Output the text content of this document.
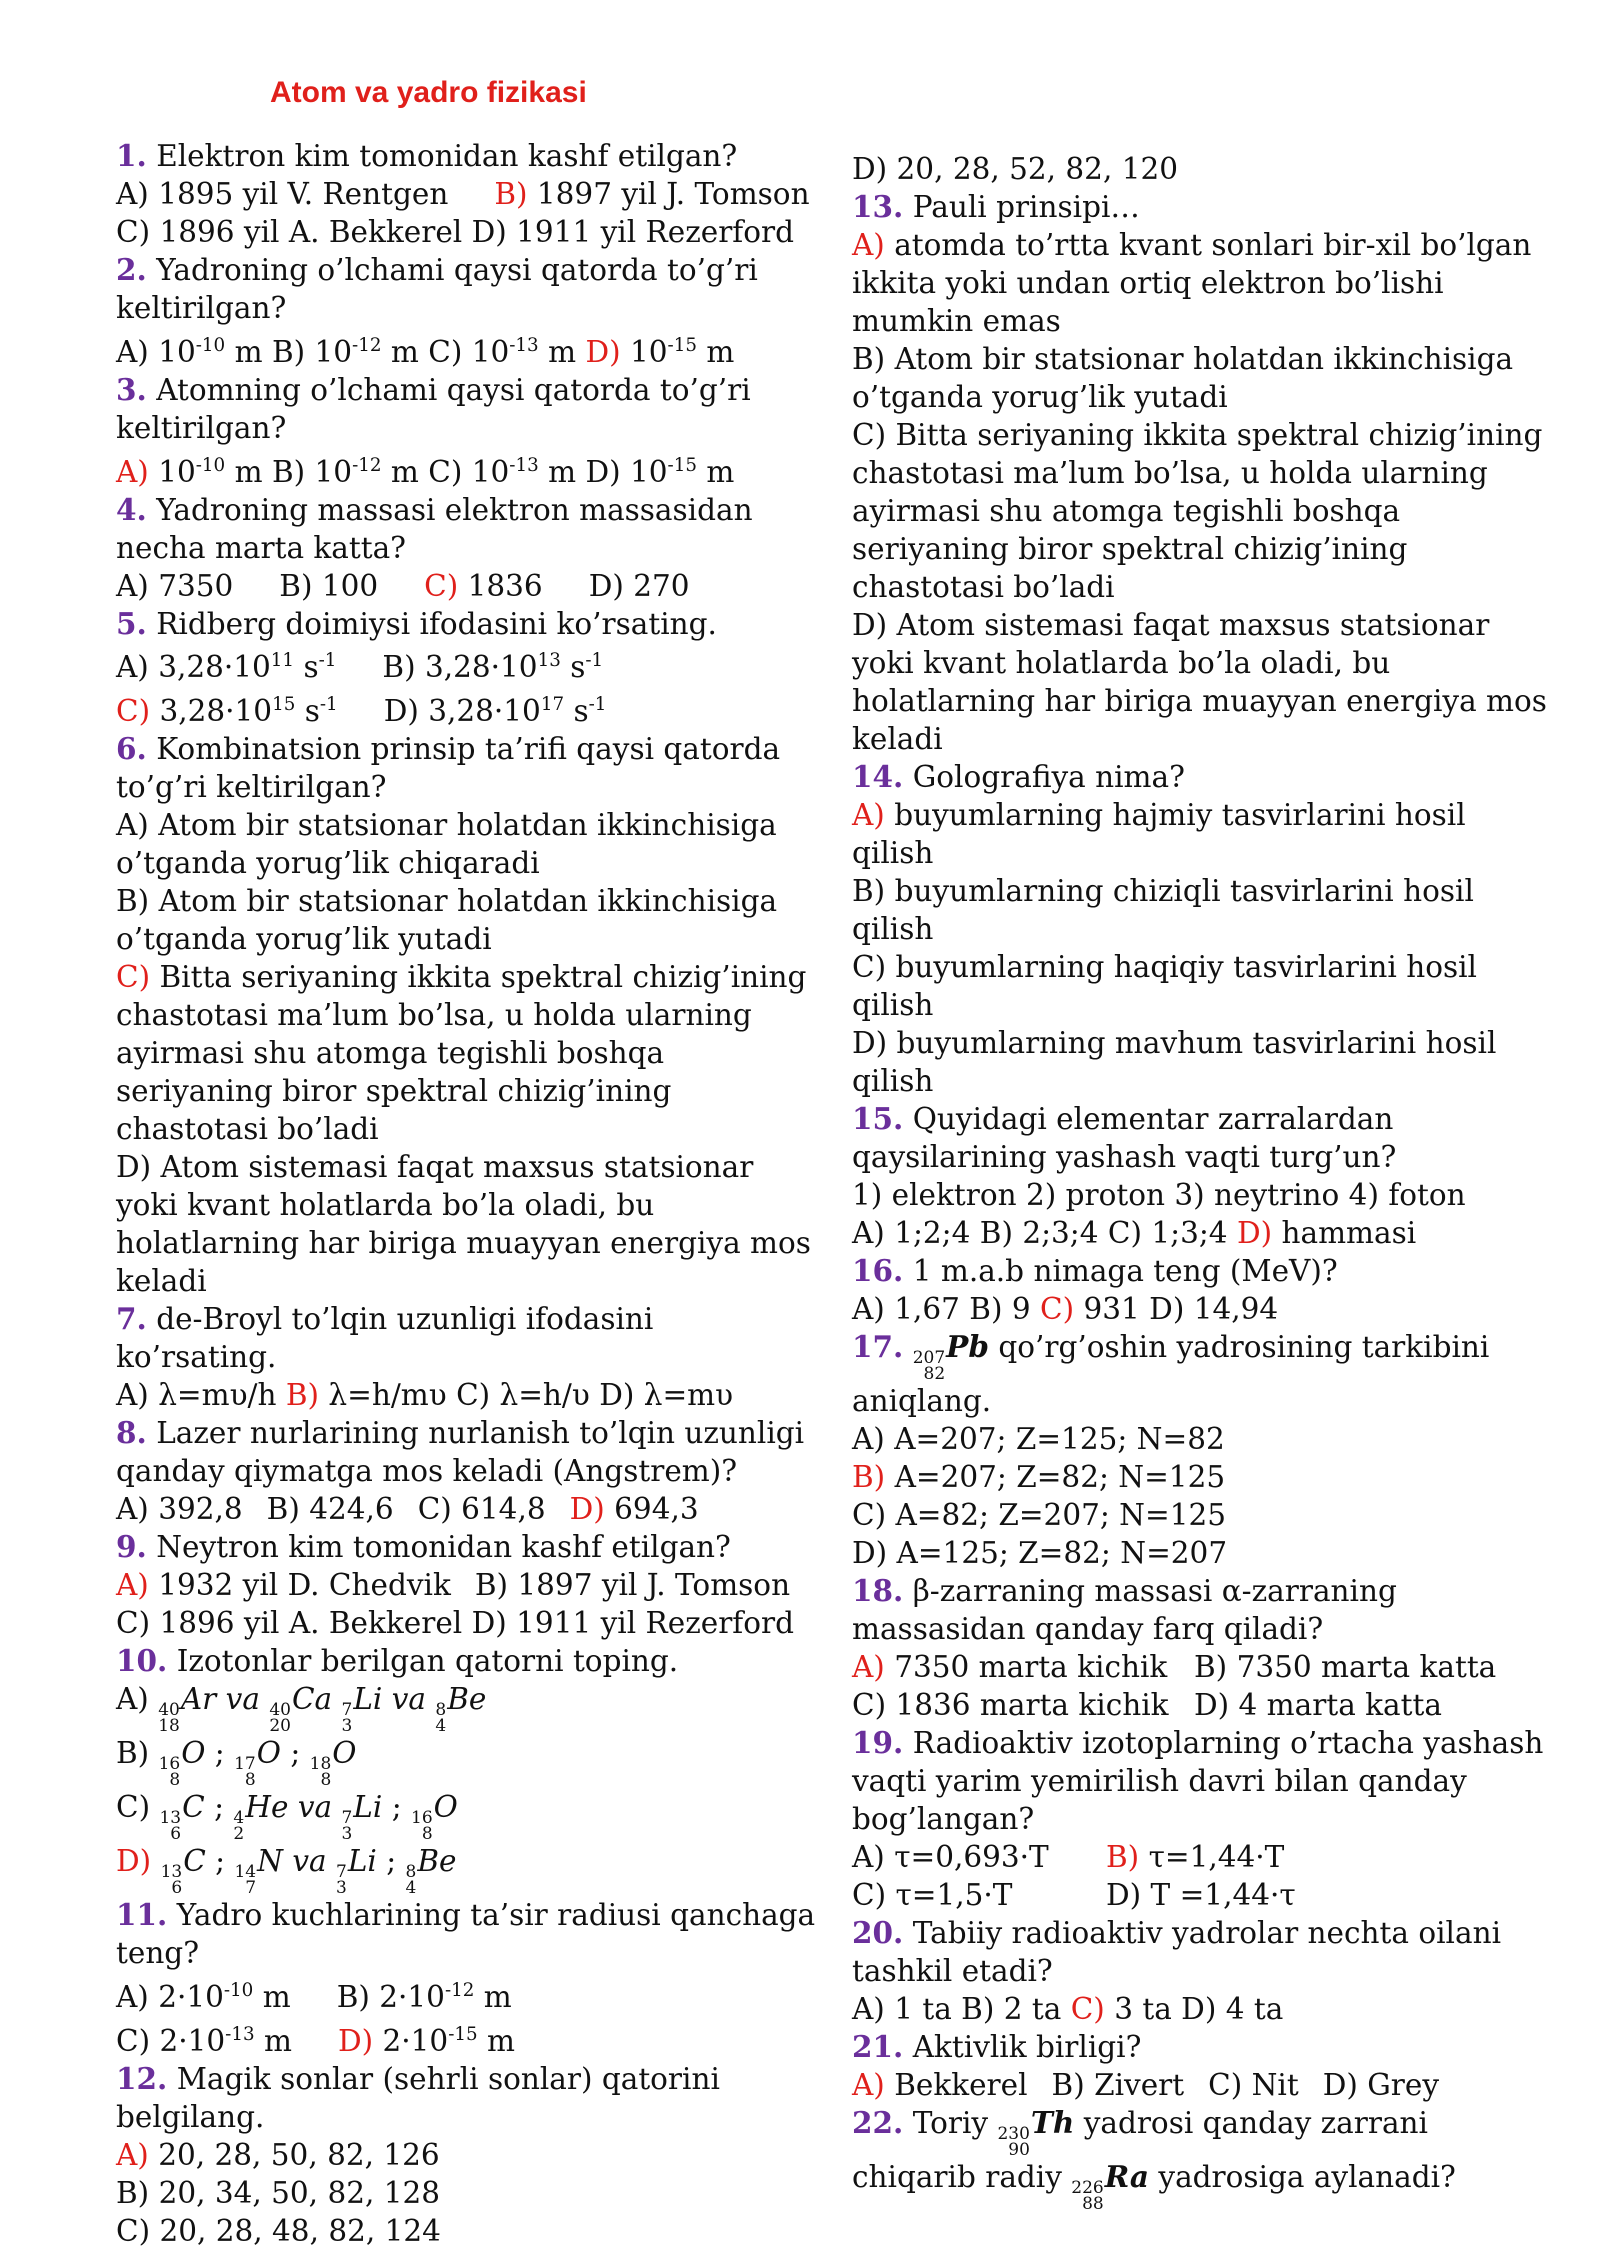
Atom va yadro fizikasi
1. Elektron kim tomonidan kashf etilgan?
A) 1895 yil V. Rentgen B) 1897 yil J. Tomson
C) 1896 yil A. Bekkerel D) 1911 yil Rezerford
2. Yadroning o’lchami qaysi qatorda to’g’ri
keltirilgan?
A) $10^{-10}$ m B) $10^{-12}$ m C) $10^{-13}$ m D) $10^{-15}$ m
3. Atomning o’lchami qaysi qatorda to’g’ri
keltirilgan?
A) $10^{-10}$ m B) $10^{-12}$ m C) $10^{-13}$ m D) $10^{-15}$ m
4. Yadroning massasi elektron massasidan
necha marta katta?
A) 7350 B) 100 C) 1836 D) 270
5. Ridberg doimiysi ifodasini ko’rsating.
A) $3,28\cdot 10^{11}$ $s^{-1}$ B) $3,28\cdot 10^{13}$ $s^{-1}$
C) $3,28\cdot 10^{15}$ $s^{-1}$ D) $3,28\cdot 10^{17}$ $s^{-1}$
6. Kombinatsion prinsip ta’rifi qaysi qatorda
to’g’ri keltirilgan?
A) Atom bir statsionar holatdan ikkinchisiga
o’tganda yorug’lik chiqaradi
B) Atom bir statsionar holatdan ikkinchisiga
o’tganda yorug’lik yutadi
C) Bitta seriyaning ikkita spektral chizig’ining
chastotasi ma’lum bo’lsa, u holda ularning
ayirmasi shu atomga tegishli boshqa
seriyaning biror spektral chizig’ining
chastotasi bo’ladi
D) Atom sistemasi faqat maxsus statsionar
yoki kvant holatlarda bo’la oladi, bu
holatlarning har biriga muayyan energiya mos
keladi
7. de-Broyl to’lqin uzunligi ifodasini
ko’rsating.
A) λ=mυ/h B) λ=h/mυ C) λ=h/υ D) λ=mυ
8. Lazer nurlarining nurlanish to’lqin uzunligi
qanday qiymatga mos keladi (Angstrem)?
A) 392,8 B) 424,6 C) 614,8 D) 694,3
9. Neytron kim tomonidan kashf etilgan?
A) 1932 yil D. Chedvik B) 1897 yil J. Tomson
C) 1896 yil A. Bekkerel D) 1911 yil Rezerford
10. Izotonlar berilgan qatorni toping.
A) 40
18
Ar va 40
20
Ca 7
3
Li va 8
4
Be
B) 16
8
O ; 17
8
O ; 18
8
O
C) 13
6
C ; 4
2
He va 7
3
Li ; 16
8
O
D) 13
6
C ; 14
7
N va 7
3
Li ; 8
4
Be
11. Yadro kuchlarining ta’sir radiusi qanchaga
teng?
A) $2\cdot 10^{-10}$ m B) $2\cdot 10^{-12}$ m
C) $2\cdot 10^{-13}$ m D) $2\cdot 10^{-15}$ m
12. Magik sonlar (sehrli sonlar) qatorini
belgilang.
A) 20, 28, 50, 82, 126
B) 20, 34, 50, 82, 128
C) 20, 28, 48, 82, 124
D) 20, 28, 52, 82, 120
13. Pauli prinsipi…
A) atomda to’rtta kvant sonlari bir-xil bo’lgan
ikkita yoki undan ortiq elektron bo’lishi
mumkin emas
B) Atom bir statsionar holatdan ikkinchisiga
o’tganda yorug’lik yutadi
C) Bitta seriyaning ikkita spektral chizig’ining
chastotasi ma’lum bo’lsa, u holda ularning
ayirmasi shu atomga tegishli boshqa
seriyaning biror spektral chizig’ining
chastotasi bo’ladi
D) Atom sistemasi faqat maxsus statsionar
yoki kvant holatlarda bo’la oladi, bu
holatlarning har biriga muayyan energiya mos
keladi
14. Golografiya nima?
A) buyumlarning hajmiy tasvirlarini hosil
qilish
B) buyumlarning chiziqli tasvirlarini hosil
qilish
C) buyumlarning haqiqiy tasvirlarini hosil
qilish
D) buyumlarning mavhum tasvirlarini hosil
qilish
15. Quyidagi elementar zarralardan
qaysilarining yashash vaqti turg’un?
1) elektron 2) proton 3) neytrino 4) foton
A) 1;2;4 B) 2;3;4 C) 1;3;4 D) hammasi
16. 1 m.a.b nimaga teng (MeV)?
A) 1,67 B) 9 C) 931 D) 14,94
17. 207
82
Pb qo’rg’oshin yadrosining tarkibini
aniqlang.
A) A=207; Z=125; N=82
B) A=207; Z=82; N=125
C) A=82; Z=207; N=125
D) A=125; Z=82; N=207
18. β-zarraning massasi α-zarraning
massasidan qanday farq qiladi?
A) 7350 marta kichik B) 7350 marta katta
C) 1836 marta kichik D) 4 marta katta
19. Radioaktiv izotoplarning o’rtacha yashash
vaqti yarim yemirilish davri bilan qanday
bog’langan?
A) τ=0,693·T B) τ=1,44·T
C) τ=1,5·T	D) T =1,44·τ
20. Tabiiy radioaktiv yadrolar nechta oilani
tashkil etadi?
A) 1 ta B) 2 ta C) 3 ta D) 4 ta
21. Aktivlik birligi?
A) Bekkerel B) Zivert C) Nit D) Grey
22. Toriy 230
90
Th yadrosi qanday zarrani
chiqarib radiy 226
88
Ra yadrosiga aylanadi?
